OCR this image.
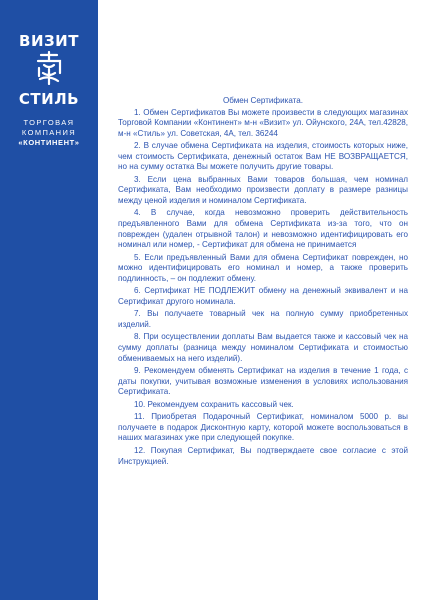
ВИЗИТ
СТИЛЬ
ТОРГОВАЯ
КОМПАНИЯ
«КОНТИНЕНТ»
Обмен Сертификата.

1. Обмен Сертификатов Вы можете произвести в следующих магазинах Торговой Компании «Континент» м-н «Визит» ул. Ойунского, 24А, тел.42828, м-н «Стиль» ул. Советская, 4А, тел. 36244

2. В случае обмена Сертификата на изделия, стоимость которых ниже, чем стоимость Сертификата, денежный остаток Вам НЕ ВОЗВРАЩАЕТСЯ, но на сумму остатка Вы можете получить другие товары.

3. Если цена выбранных Вами товаров большая, чем номинал Сертификата, Вам необходимо произвести доплату в размере разницы между ценой изделия и номиналом Сертификата.

4. В случае, когда невозможно проверить действительность предъявленного Вами для обмена Сертификата из-за того, что он поврежден (удален отрывной талон) и невозможно идентифицировать его номинал или номер, - Сертификат для обмена не принимается

5. Если предъявленный Вами для обмена Сертификат поврежден, но можно идентифицировать его номинал и номер, а также проверить подлинность, – он подлежит обмену.

6. Сертификат НЕ ПОДЛЕЖИТ обмену на денежный эквивалент и на Сертификат другого номинала.

7. Вы получаете товарный чек на полную сумму приобретенных изделий.

8. При осуществлении доплаты Вам выдается также и кассовый чек на сумму доплаты (разница между номиналом Сертификата и стоимостью обмениваемых на него изделий).

9. Рекомендуем обменять Сертификат на изделия в течение 1 года, с даты покупки, учитывая возможные изменения в условиях использования Сертификата.

10. Рекомендуем сохранить кассовый чек.

11. Приобретая Подарочный Сертификат, номиналом 5000 р. вы получаете в подарок Дисконтную карту, которой можете воспользоваться в наших магазинах уже при следующей покупке.

12. Покупая Сертификат, Вы подтверждаете свое согласие с этой Инструкцией.
